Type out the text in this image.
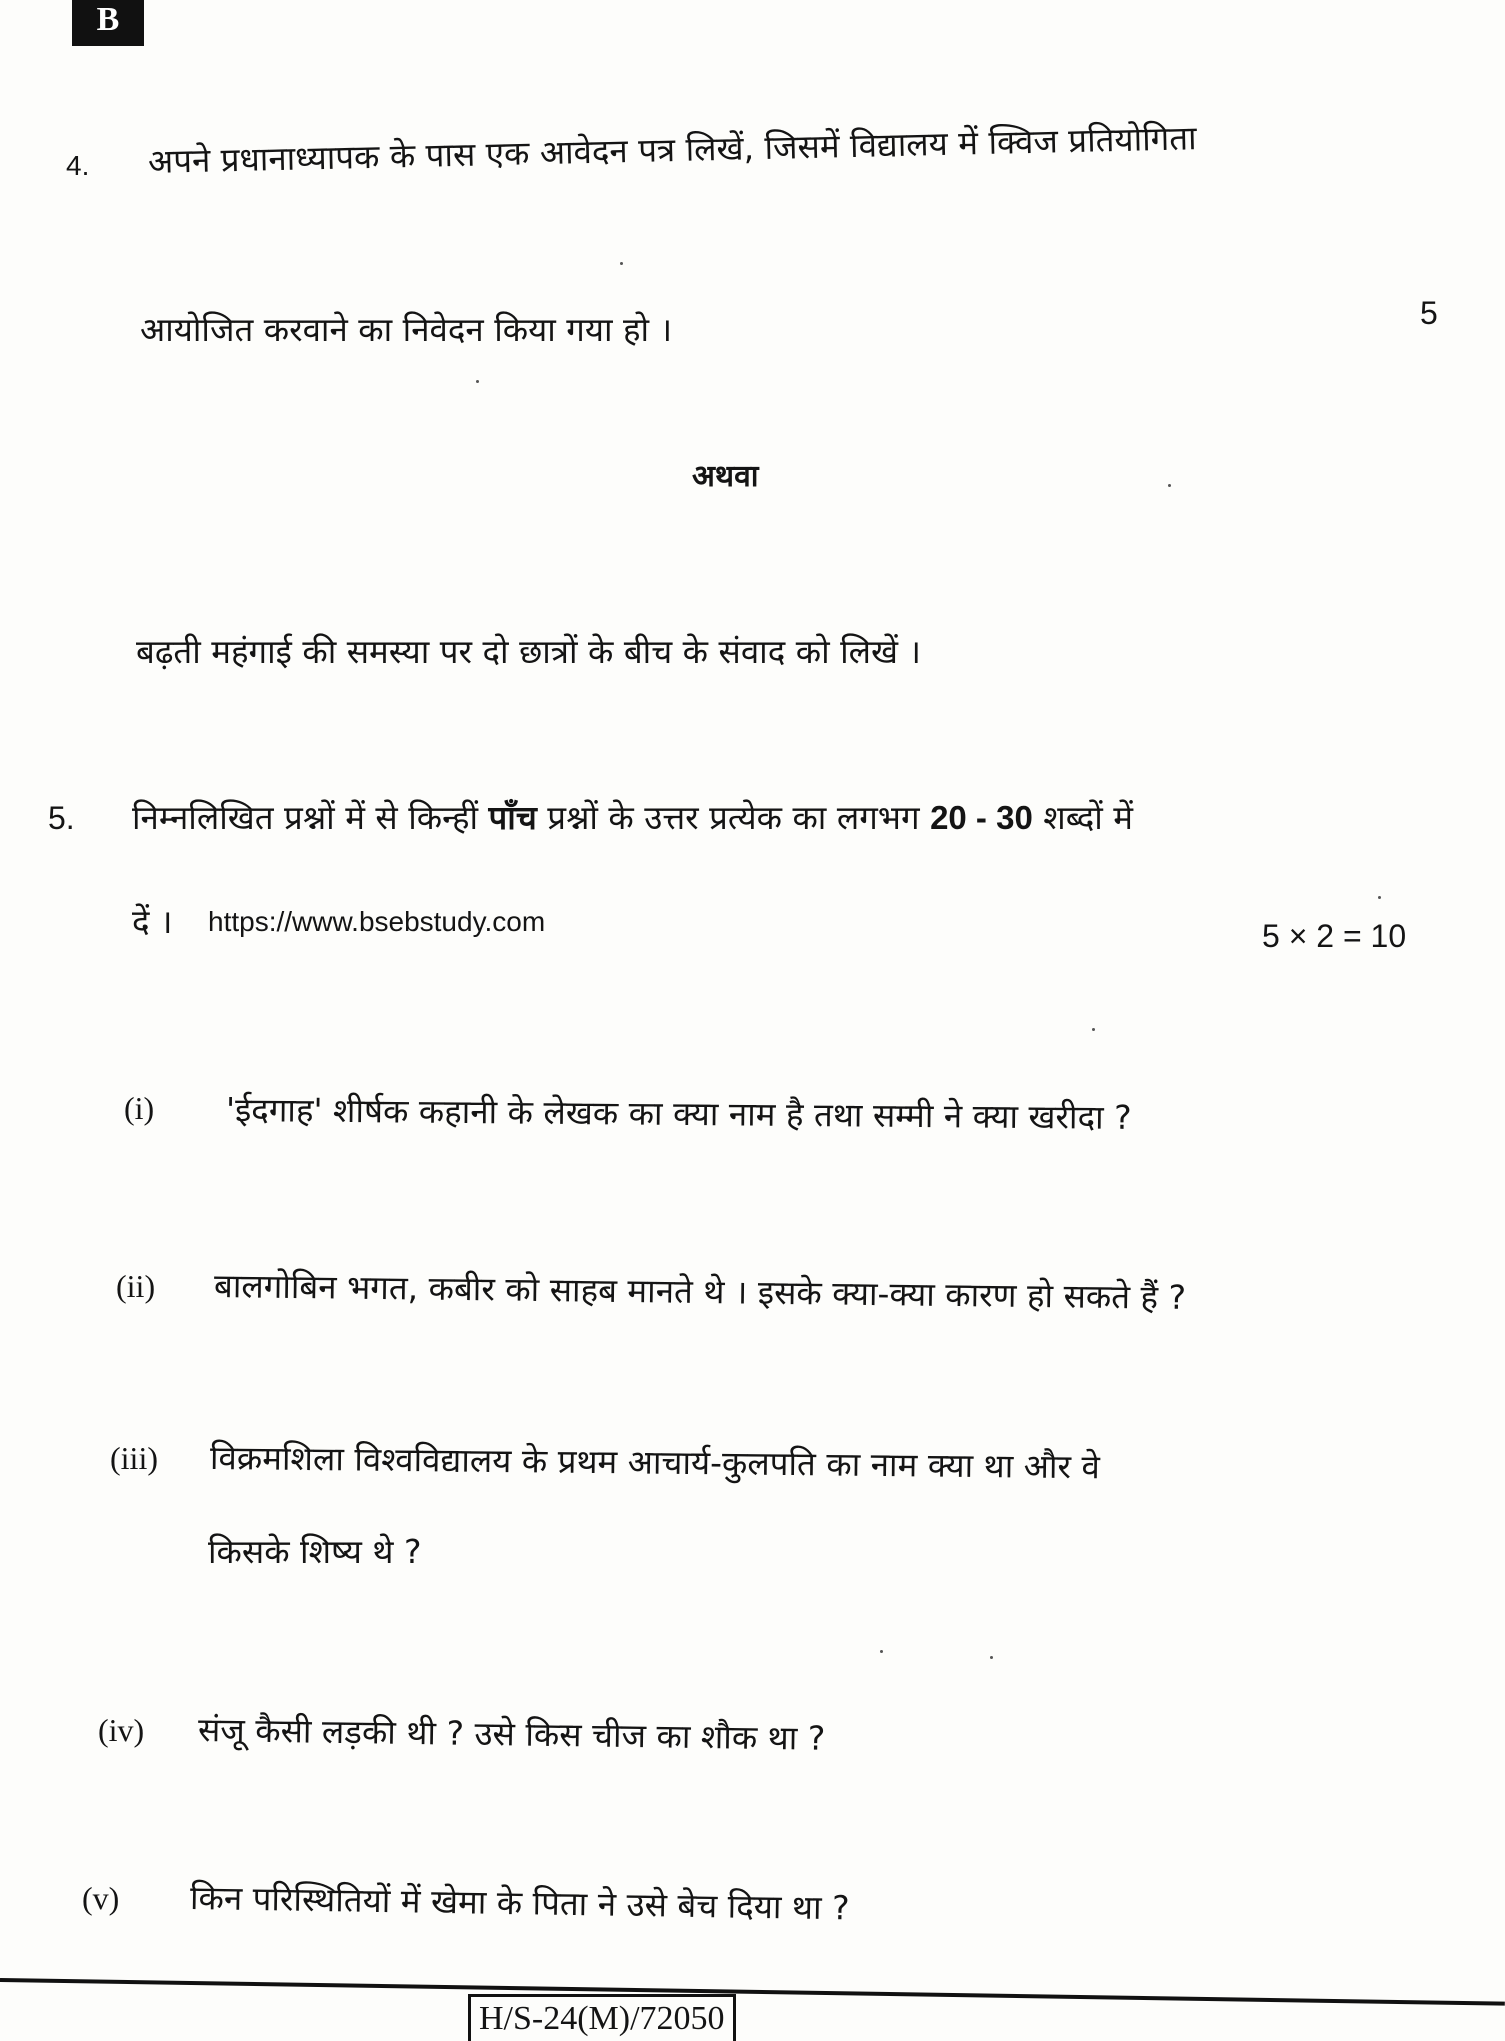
B
4. अपने प्रधानाध्यापक के पास एक आवेदन पत्र लिखें, जिसमें विद्यालय में क्विज प्रतियोगिता
आयोजित करवाने का निवेदन किया गया हो ।	5
अथवा
बढ़ती महंगाई की समस्या पर दो छात्रों के बीच के संवाद को लिखें ।
5. निम्नलिखित प्रश्नों में से किन्हीं पाँच प्रश्नों के उत्तर प्रत्येक का लगभग 20 - 30 शब्दों में
दें । https://www.bsebstudy.com	5 × 2 = 10
(i) 'ईदगाह' शीर्षक कहानी के लेखक का क्या नाम है तथा सम्मी ने क्या खरीदा ?
(ii) बालगोबिन भगत, कबीर को साहब मानते थे । इसके क्या-क्या कारण हो सकते हैं ?
(iii) विक्रमशिला विश्वविद्यालय के प्रथम आचार्य-कुलपति का नाम क्या था और वे
किसके शिष्य थे ?
(iv) संजू कैसी लड़की थी ? उसे किस चीज का शौक था ?
(v) किन परिस्थितियों में खेमा के पिता ने उसे बेच दिया था ?
H/S-24(M)/72050
